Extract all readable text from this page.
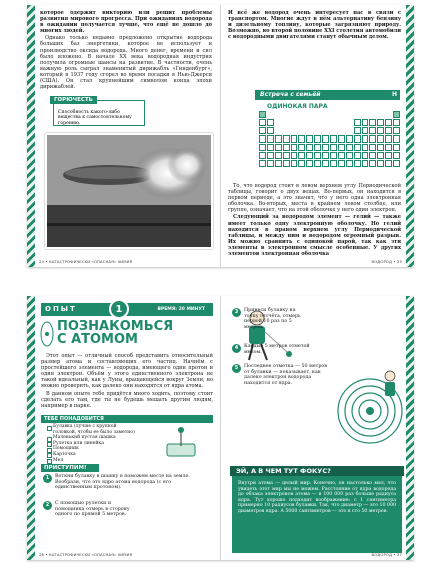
которое одержит викторию или решит проблемы развития мирового прогресса. При ожиданиях водорода в ожидании получается лучше, что ещё не дошло до многих людей.

Однако только недавно предложено открытие водорода больших баз энергетики, которое не использует и производство оксида водорода. Много денег, времени и сил было вложено. В начале ХХ века водородная индустрия получила огромные шансы на развитие. В частности, очень важную роль сыграл знаменитый дирижабль «Гинденбург», который в 1937 году сгорел во время посадки в Нью-Джерси (США). Он стал крупнейшим символом конца эпохи дирижаблей.

ГОРЮЧЕСТЬ
Способность какого-либо вещества к самостоятельному горению.
24 • КАТАСТРОФИЧЕСКИ «ОПАСНАЯ» ХИМИЯ

И всё же водород очень интересует нас в связи с транспортом. Многие ждут в нём альтернативу бензину и дизельному топливу, которые загрязняют природу. Возможно, во второй половине XXI столетия автомобили с водородными двигателями станут обычным делом.

Встреча с семьёй	H
ОДИНОКАЯ ПАРА

То, что водород стоит в левом верхнем углу Периодической таблицы, говорит о двух вещах. Во-первых, он находится в первом периоде, а это значит, что у него одна электронная оболочка. Во-вторых, места в крайнем левом столбце, или группе, означает, что на этой оболочке у него один электрон.

Следующий за водородом элемент — гелий — также имеет только одну электронную оболочку. Но гелий находится в правом верхнем углу Периодической таблицы, и между ним и водородом огромный разрыв. Их можно сравнить с одинокой парой, так как эти элементы в электронном смысле особенные. У других элементов электронная оболочка

ВОДОРОД • 25
ОПЫТ	ВРЕМЯ: 20 МИНУТ
1
ПОЗНАКОМЬСЯ
С АТОМОМ

Этот опыт — отличный способ представить относительный размер атома и составляющих его частиц. Начнём с простейшего элемента — водорода, имеющего один протон и один электрон. Объём у этого единственного электрона не такой идеальный, как у Луны, вращающейся вокруг Земли, но можно проверить, как далеко они находятся от ядра атома.

В данном опыте тебе придётся много ходить, поэтому стоит сделать его там, где ты не будешь мешать другим людям, например в парке.

ТЕБЕ ПОНАДОБИТСЯ
Булавка (лучше с крупной головкой, чтобы ее было заметно)
Маленький пустая шашка
Рулетка или линейка
Помощник
Карточка
Мел
ПРИСТУПИМ!
26 • КАТАСТРОФИЧЕСКИ «ОПАСНАЯ» ХИМИЯ
ЭЙ, А В ЧЕМ ТУТ ФОКУС?
Внутри атома — целый мир. Конечно, он настолько мал, что увидеть этот мир мы не можем. Расстояние от ядра водорода до облака электронов атома — в 100 000 раз больше радиуса ядра. Тут хорошо подходит воображение: с 1 сантиметра примерно 10 радиусов булавки. Так, что диаметр — это 10 000 диаметров ядра. А 5000 сантиметров — это в сто 50 метров.
ВОДОРОД • 27
1	Воткни булавку в шашку в поможем месте на земле. Вообрази, что это ядро атома водорода (с его единственным протоном).
2	С помощью рулетки и помощника отмерь в сторону одного по прямой 5 метров.
3	Принеси булавку на точку отсчёта, отмерь первой 10 раз по 5 метров.
4	Кэндые 5 метров отметой мелом.
5	Последнее отметка — 50 метров от булавки — показывает, как далеко электрон водорода находится от ядра.
